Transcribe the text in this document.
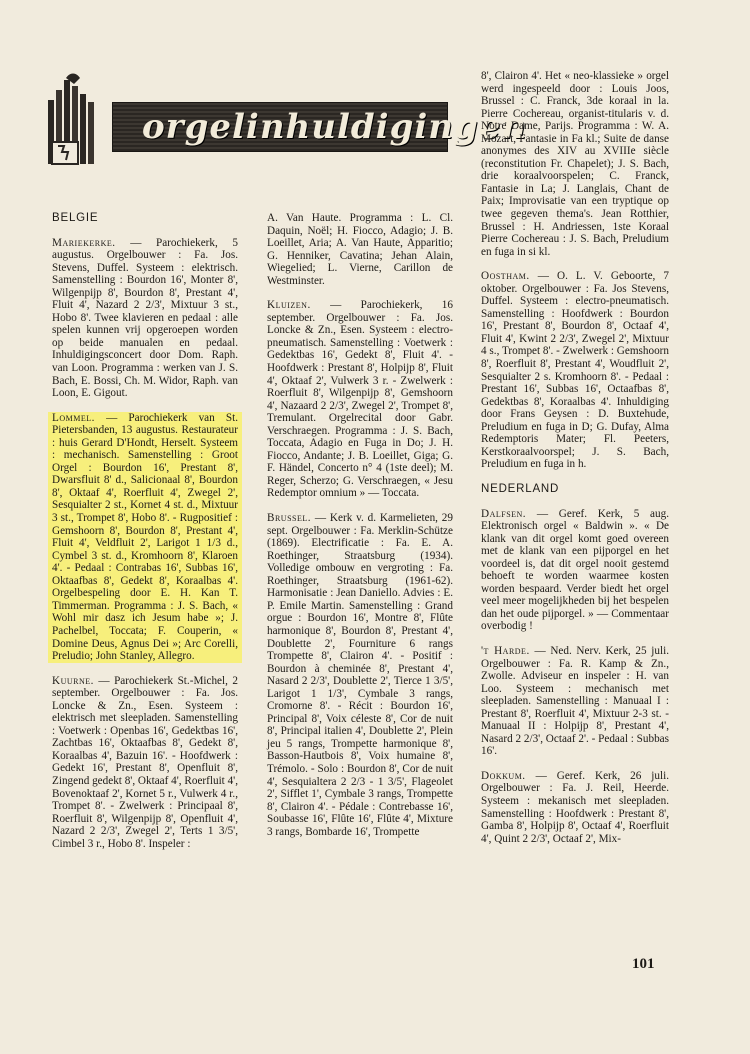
orgelinhuldigingen
BELGIE

Mariekerke. — Parochiekerk, 5 augustus. Orgelbouwer : Fa. Jos. Stevens, Duffel. Systeem : elektrisch. Samenstelling : Bourdon 16', Monter 8', Wilgenpijp 8', Bourdon 8', Prestant 4', Fluit 4', Nazard 2 2/3', Mixtuur 3 st., Hobo 8'. Twee klavieren en pedaal : alle spelen kunnen vrij opgeroepen worden op beide manualen en pedaal. Inhuldigingsconcert door Dom. Raph. van Loon. Programma : werken van J. S. Bach, E. Bossi, Ch. M. Widor, Raph. van Loon, E. Gigout.

Lommel. — Parochiekerk van St. Pietersbanden, 13 augustus. Restaurateur : huis Gerard D'Hondt, Herselt. Systeem : mechanisch. Samenstelling : Groot Orgel : Bourdon 16', Prestant 8', Dwarsfluit 8' d., Salicionaal 8', Bourdon 8', Oktaaf 4', Roerfluit 4', Zwegel 2', Sesquialter 2 st., Kornet 4 st. d., Mixtuur 3 st., Trompet 8', Hobo 8'. - Rugpositief : Gemshoorn 8', Bourdon 8', Prestant 4', Fluit 4', Veldfluit 2', Larigot 1 1/3 d., Cymbel 3 st. d., Kromhoorn 8', Klaroen 4'. - Pedaal : Contrabas 16', Subbas 16', Oktaafbas 8', Gedekt 8', Koraalbas 4'. Orgelbespeling door E. H. Kan T. Timmerman. Programma : J. S. Bach, « Wohl mir dasz ich Jesum habe »; J. Pachelbel, Toccata; F. Couperin, « Domine Deus, Agnus Dei »; Arc Corelli, Preludio; John Stanley, Allegro.

Kuurne. — Parochiekerk St.-Michel, 2 september. Orgelbouwer : Fa. Jos. Loncke & Zn., Esen. Systeem : elektrisch met sleepladen. Samenstelling : Voetwerk : Openbas 16', Gedektbas 16', Zachtbas 16', Oktaafbas 8', Gedekt 8', Koraalbas 4', Bazuin 16'. - Hoofdwerk : Gedekt 16', Prestant 8', Openfluit 8', Zingend gedekt 8', Oktaaf 4', Roerfluit 4', Bovenoktaaf 2', Kornet 5 r., Vulwerk 4 r., Trompet 8'. - Zwelwerk : Principaal 8', Roerfluit 8', Wilgenpijp 8', Openfluit 4', Nazard 2 2/3', Zwegel 2', Terts 1 3/5', Cimbel 3 r., Hobo 8'. Inspeler :

A. Van Haute. Programma : L. Cl. Daquin, Noël; H. Fiocco, Adagio; J. B. Loeillet, Aria; A. Van Haute, Apparitio; G. Henniker, Cavatina; Jehan Alain, Wiegelied; L. Vierne, Carillon de Westminster.

Kluizen. — Parochiekerk, 16 september. Orgelbouwer : Fa. Jos. Loncke & Zn., Esen. Systeem : electro-pneumatisch. Samenstelling : Voetwerk : Gedektbas 16', Gedekt 8', Fluit 4'. - Hoofdwerk : Prestant 8', Holpijp 8', Fluit 4', Oktaaf 2', Vulwerk 3 r. - Zwelwerk : Roerfluit 8', Wilgenpijp 8', Gemshoorn 4', Nazaard 2 2/3', Zwegel 2', Trompet 8', Tremulant. Orgelrecital door Gabr. Verschraegen. Programma : J. S. Bach, Toccata, Adagio en Fuga in Do; J. H. Fiocco, Andante; J. B. Loeillet, Giga; G. F. Händel, Concerto n° 4 (1ste deel); M. Reger, Scherzo; G. Verschraegen, « Jesu Redemptor omnium » — Toccata.

Brussel. — Kerk v. d. Karmelieten, 29 sept. Orgelbouwer : Fa. Merklin-Schütze (1869). Electrificatie : Fa. E. A. Roethinger, Straatsburg (1934). Volledige ombouw en vergroting : Fa. Roethinger, Straatsburg (1961-62). Harmonisatie : Jean Daniello. Advies : E. P. Emile Martin. Samenstelling : Grand orgue : Bourdon 16', Montre 8', Flûte harmonique 8', Bourdon 8', Prestant 4', Doublette 2', Fourniture 6 rangs Trompette 8', Clairon 4'. - Positif : Bourdon à cheminée 8', Prestant 4', Nasard 2 2/3', Doublette 2', Tierce 1 3/5', Larigot 1 1/3', Cymbale 3 rangs, Cromorne 8'. - Récit : Bourdon 16', Principal 8', Voix céleste 8', Cor de nuit 8', Principal italien 4', Doublette 2', Plein jeu 5 rangs, Trompette harmonique 8', Basson-Hautbois 8', Voix humaine 8', Trémolo. - Solo : Bourdon 8', Cor de nuit 4', Sesquialtera 2 2/3 - 1 3/5', Flageolet 2', Sifflet 1', Cymbale 3 rangs, Trompette 8', Clairon 4'. - Pédale : Contrebasse 16', Soubasse 16', Flûte 16', Flûte 4', Mixture 3 rangs, Bombarde 16', Trompette

8', Clairon 4'. Het « neo-klassieke » orgel werd ingespeeld door : Louis Joos, Brussel : C. Franck, 3de koraal in la. Pierre Cochereau, organist-titularis v. d. Notre Dame, Parijs. Programma : W. A. Mozart, Fantasie in Fa kl.; Suite de danse anonymes des XIV au XVIIIe siècle (reconstitution Fr. Chapelet); J. S. Bach, drie koraalvoorspelen; C. Franck, Fantasie in La; J. Langlais, Chant de Paix; Improvisatie van een tryptique op twee gegeven thema's. Jean Rotthier, Brussel : H. Andriessen, 1ste Koraal Pierre Cochereau : J. S. Bach, Preludium en fuga in si kl.

Oostham. — O. L. V. Geboorte, 7 oktober. Orgelbouwer : Fa. Jos Stevens, Duffel. Systeem : electro-pneumatisch. Samenstelling : Hoofdwerk : Bourdon 16', Prestant 8', Bourdon 8', Octaaf 4', Fluit 4', Kwint 2 2/3', Zwegel 2', Mixtuur 4 s., Trompet 8'. - Zwelwerk : Gemshoorn 8', Roerfluit 8', Prestant 4', Woudfluit 2', Sesquialter 2 s. Kromhoorn 8'. - Pedaal : Prestant 16', Subbas 16', Octaafbas 8', Gedektbas 8', Koraalbas 4'. Inhuldiging door Frans Geysen : D. Buxtehude, Preludium en fuga in D; G. Dufay, Alma Redemptoris Mater; Fl. Peeters, Kerstkoraalvoorspel; J. S. Bach, Preludium en fuga in h.

NEDERLAND

Dalfsen. — Geref. Kerk, 5 aug. Elektronisch orgel « Baldwin ». « De klank van dit orgel komt goed overeen met de klank van een pijporgel en het voordeel is, dat dit orgel nooit gestemd behoeft te worden waarmee kosten worden bespaard. Verder biedt het orgel veel meer mogelijkheden bij het bespelen dan het oude pijporgel. » — Commentaar overbodig !

't Harde. — Ned. Nerv. Kerk, 25 juli. Orgelbouwer : Fa. R. Kamp & Zn., Zwolle. Adviseur en inspeler : H. van Loo. Systeem : mechanisch met sleepladen. Samenstelling : Manuaal I : Prestant 8', Roerfluit 4', Mixtuur 2-3 st. - Manuaal II : Holpijp 8', Prestant 4', Nasard 2 2/3', Octaaf 2'. - Pedaal : Subbas 16'.

Dokkum. — Geref. Kerk, 26 juli. Orgelbouwer : Fa. J. Reil, Heerde. Systeem : mekanisch met sleepladen. Samenstelling : Hoofdwerk : Prestant 8', Gamba 8', Holpijp 8', Octaaf 4', Roerfluit 4', Quint 2 2/3', Octaaf 2', Mix-

101
